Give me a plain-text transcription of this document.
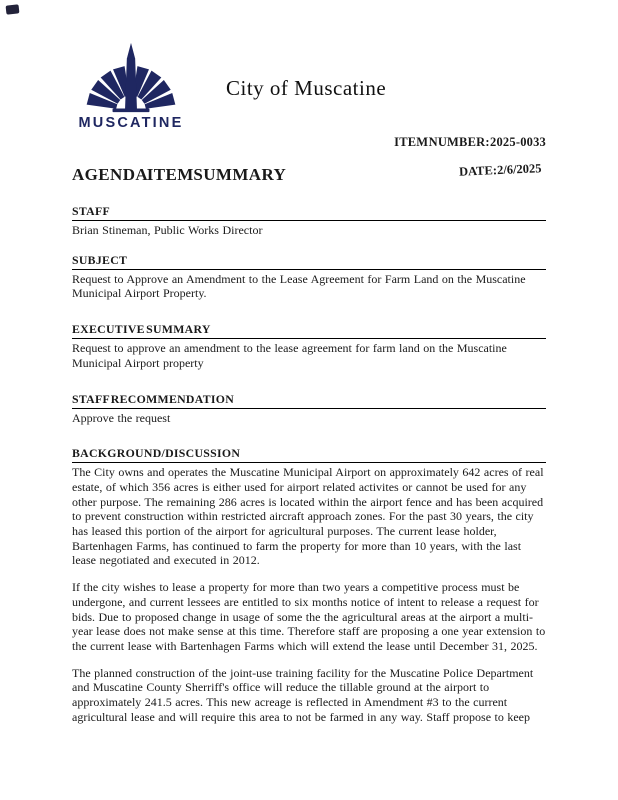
MUSCATINE
City of Muscatine
ITEM NUMBER: 2025-0033
AGENDA ITEM SUMMARY	DATE: 2/6/2025
STAFF

Brian Stineman, Public Works Director

SUBJECT

Request to Approve an Amendment to the Lease Agreement for Farm Land on the Muscatine Municipal Airport Property.

EXECUTIVE SUMMARY

Request to approve an amendment to the lease agreement for farm land on the Muscatine Municipal Airport property

STAFF RECOMMENDATION

Approve the request

BACKGROUND/DISCUSSION

The City owns and operates the Muscatine Municipal Airport on approximately 642 acres of real estate, of which 356 acres is either used for airport related activites or cannot be used for any other purpose. The remaining 286 acres is located within the airport fence and has been acquired to prevent construction within restricted aircraft approach zones. For the past 30 years, the city has leased this portion of the airport for agricultural purposes. The current lease holder, Bartenhagen Farms, has continued to farm the property for more than 10 years, with the last lease negotiated and executed in 2012.

If the city wishes to lease a property for more than two years a competitive process must be undergone, and current lessees are entitled to six months notice of intent to release a request for bids. Due to proposed change in usage of some the the agricultural areas at the airport a multi-year lease does not make sense at this time. Therefore staff are proposing a one year extension to the current lease with Bartenhagen Farms which will extend the lease until December 31, 2025.

The planned construction of the joint-use training facility for the Muscatine Police Department and Muscatine County Sherriff's office will reduce the tillable ground at the airport to approximately 241.5 acres. This new acreage is reflected in Amendment #3 to the current agricultural lease and will require this area to not be farmed in any way. Staff propose to keep
